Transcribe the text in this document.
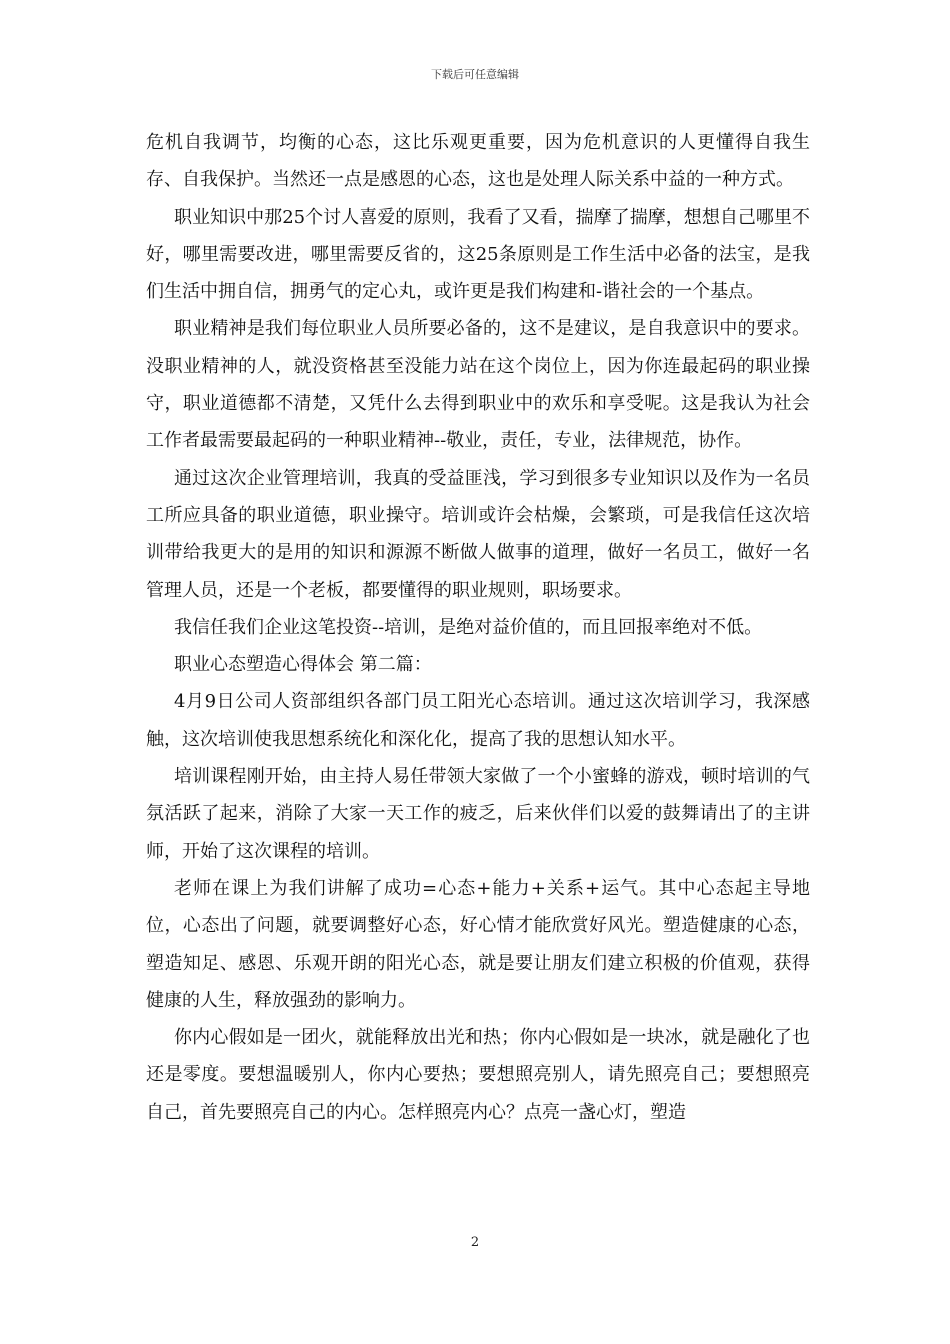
下载后可任意编辑

危机自我调节，均衡的心态，这比乐观更重要，因为危机意识的人更懂得自我生存、自我保护。当然还一点是感恩的心态，这也是处理人际关系中益的一种方式。

职业知识中那25个讨人喜爱的原则，我看了又看，揣摩了揣摩，想想自己哪里不好，哪里需要改进，哪里需要反省的，这25条原则是工作生活中必备的法宝，是我们生活中拥自信，拥勇气的定心丸，或许更是我们构建和-谐社会的一个基点。

职业精神是我们每位职业人员所要必备的，这不是建议，是自我意识中的要求。没职业精神的人，就没资格甚至没能力站在这个岗位上，因为你连最起码的职业操守，职业道德都不清楚，又凭什么去得到职业中的欢乐和享受呢。这是我认为社会工作者最需要最起码的一种职业精神--敬业，责任，专业，法律规范，协作。

通过这次企业管理培训，我真的受益匪浅，学习到很多专业知识以及作为一名员工所应具备的职业道德，职业操守。培训或许会枯燥，会繁琐，可是我信任这次培训带给我更大的是用的知识和源源不断做人做事的道理，做好一名员工，做好一名管理人员，还是一个老板，都要懂得的职业规则，职场要求。

我信任我们企业这笔投资--培训，是绝对益价值的，而且回报率绝对不低。

职业心态塑造心得体会 第二篇：

4月9日公司人资部组织各部门员工阳光心态培训。通过这次培训学习，我深感触，这次培训使我思想系统化和深化化，提高了我的思想认知水平。

培训课程刚开始，由主持人易任带领大家做了一个小蜜蜂的游戏，顿时培训的气氛活跃了起来，消除了大家一天工作的疲乏，后来伙伴们以爱的鼓舞请出了的主讲师，开始了这次课程的培训。

老师在课上为我们讲解了成功=心态+能力+关系+运气。其中心态起主导地位，心态出了问题，就要调整好心态，好心情才能欣赏好风光。塑造健康的心态，塑造知足、感恩、乐观开朗的阳光心态，就是要让朋友们建立积极的价值观，获得健康的人生，释放强劲的影响力。

你内心假如是一团火，就能释放出光和热；你内心假如是一块冰，就是融化了也还是零度。要想温暖别人，你内心要热；要想照亮别人，请先照亮自己；要想照亮自己，首先要照亮自己的内心。怎样照亮内心？点亮一盏心灯，塑造

2
